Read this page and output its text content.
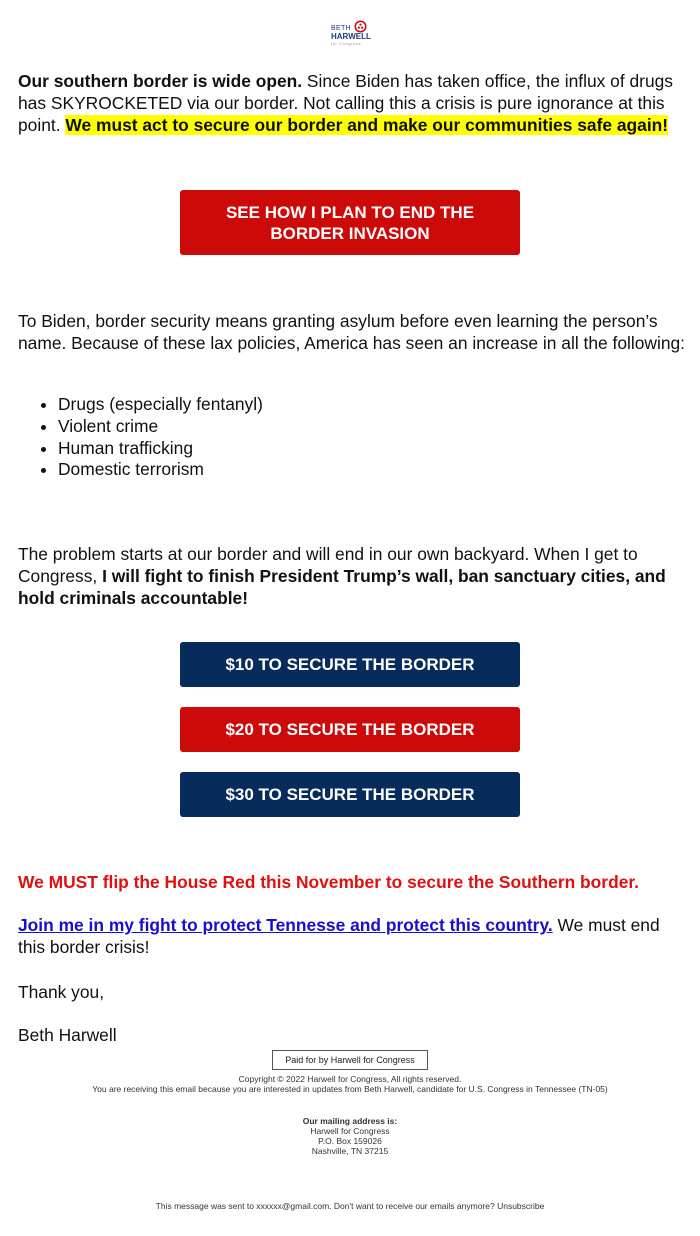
BETH
HARWELL
for Congress

Our southern border is wide open. Since Biden has taken office, the influx of drugs has SKYROCKETED via our border. Not calling this a crisis is pure ignorance at this point. We must act to secure our border and make our communities safe again!

SEE HOW I PLAN TO END THE
BORDER INVASION

To Biden, border security means granting asylum before even learning the person’s name. Because of these lax policies, America has seen an increase in all the following:

• Drugs (especially fentanyl)
• Violent crime
• Human trafficking
• Domestic terrorism

The problem starts at our border and will end in our own backyard. When I get to Congress, I will fight to finish President Trump’s wall, ban sanctuary cities, and hold criminals accountable!

$10 TO SECURE THE BORDER
$20 TO SECURE THE BORDER
$30 TO SECURE THE BORDER

We MUST flip the House Red this November to secure the Southern border.

Join me in my fight to protect Tennesse and protect this country. We must end this border crisis!

Thank you,

Beth Harwell

Paid for by Harwell for Congress

Copyright © 2022 Harwell for Congress, All rights reserved.

You are receiving this email because you are interested in updates from Beth Harwell, candidate for U.S. Congress in Tennessee (TN-05)

Our mailing address is:

Harwell for Congress

P.O. Box 159026

Nashville, TN 37215

This message was sent to xxxxxx@gmail.com. Don't want to receive our emails anymore? Unsubscribe
